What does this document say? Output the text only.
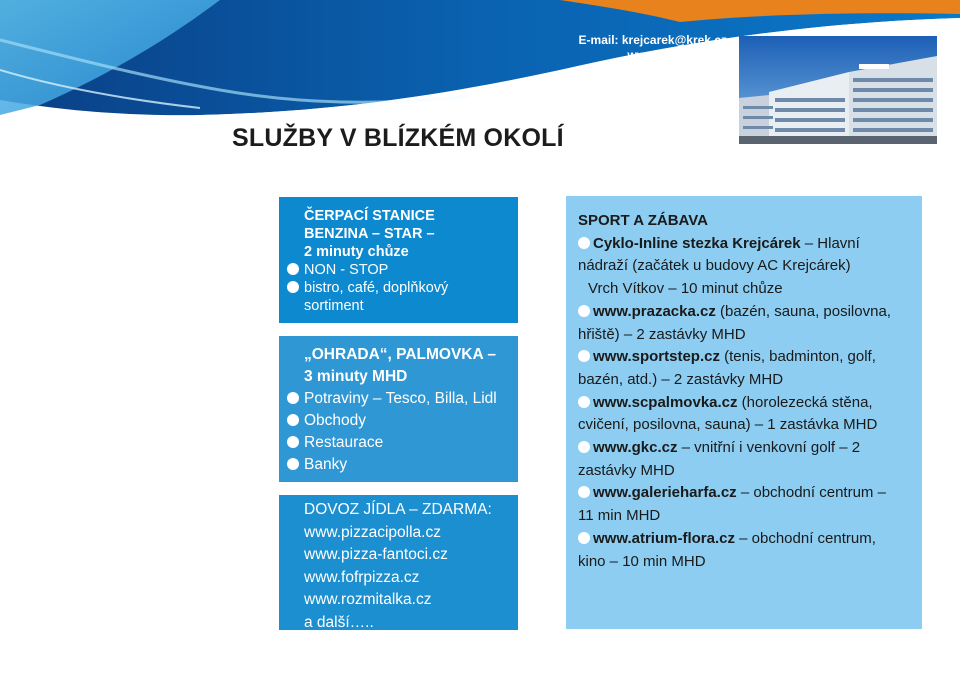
E-mail: krejcarek@krek.cz
www.krejcarek.cz
Mobil: +420 602 600 003
Pod Krejcárkem 975/2
130 00 Praha 3
SLUŽBY V BLÍZKÉM OKOLÍ
ČERPACÍ STANICE
BENZINA – STAR –
2 minuty chůze
NON - STOP
bistro, café, doplňkový
sortiment
„OHRADA“, PALMOVKA –
3 minuty MHD
Potraviny – Tesco, Billa, Lidl
Obchody
Restaurace
Banky
DOVOZ JÍDLA – ZDARMA:
www.pizzacipolla.cz
www.pizza-fantoci.cz
www.fofrpizza.cz
www.rozmitalka.cz
a další…..
SPORT A ZÁBAVA
Cyklo-Inline stezka Krejcárek – Hlavní
nádraží (začátek u budovy AC Krejcárek)
Vrch Vítkov – 10 minut chůze
www.prazacka.cz (bazén, sauna, posilovna,
hřiště) – 2 zastávky MHD
www.sportstep.cz (tenis, badminton, golf,
bazén, atd.) – 2 zastávky MHD
www.scpalmovka.cz (horolezecká stěna,
cvičení, posilovna, sauna) – 1 zastávka MHD
www.gkc.cz – vnitřní i venkovní golf – 2
zastávky MHD
www.galerieharfa.cz – obchodní centrum –
11 min MHD
www.atrium-flora.cz – obchodní centrum,
kino – 10 min MHD
